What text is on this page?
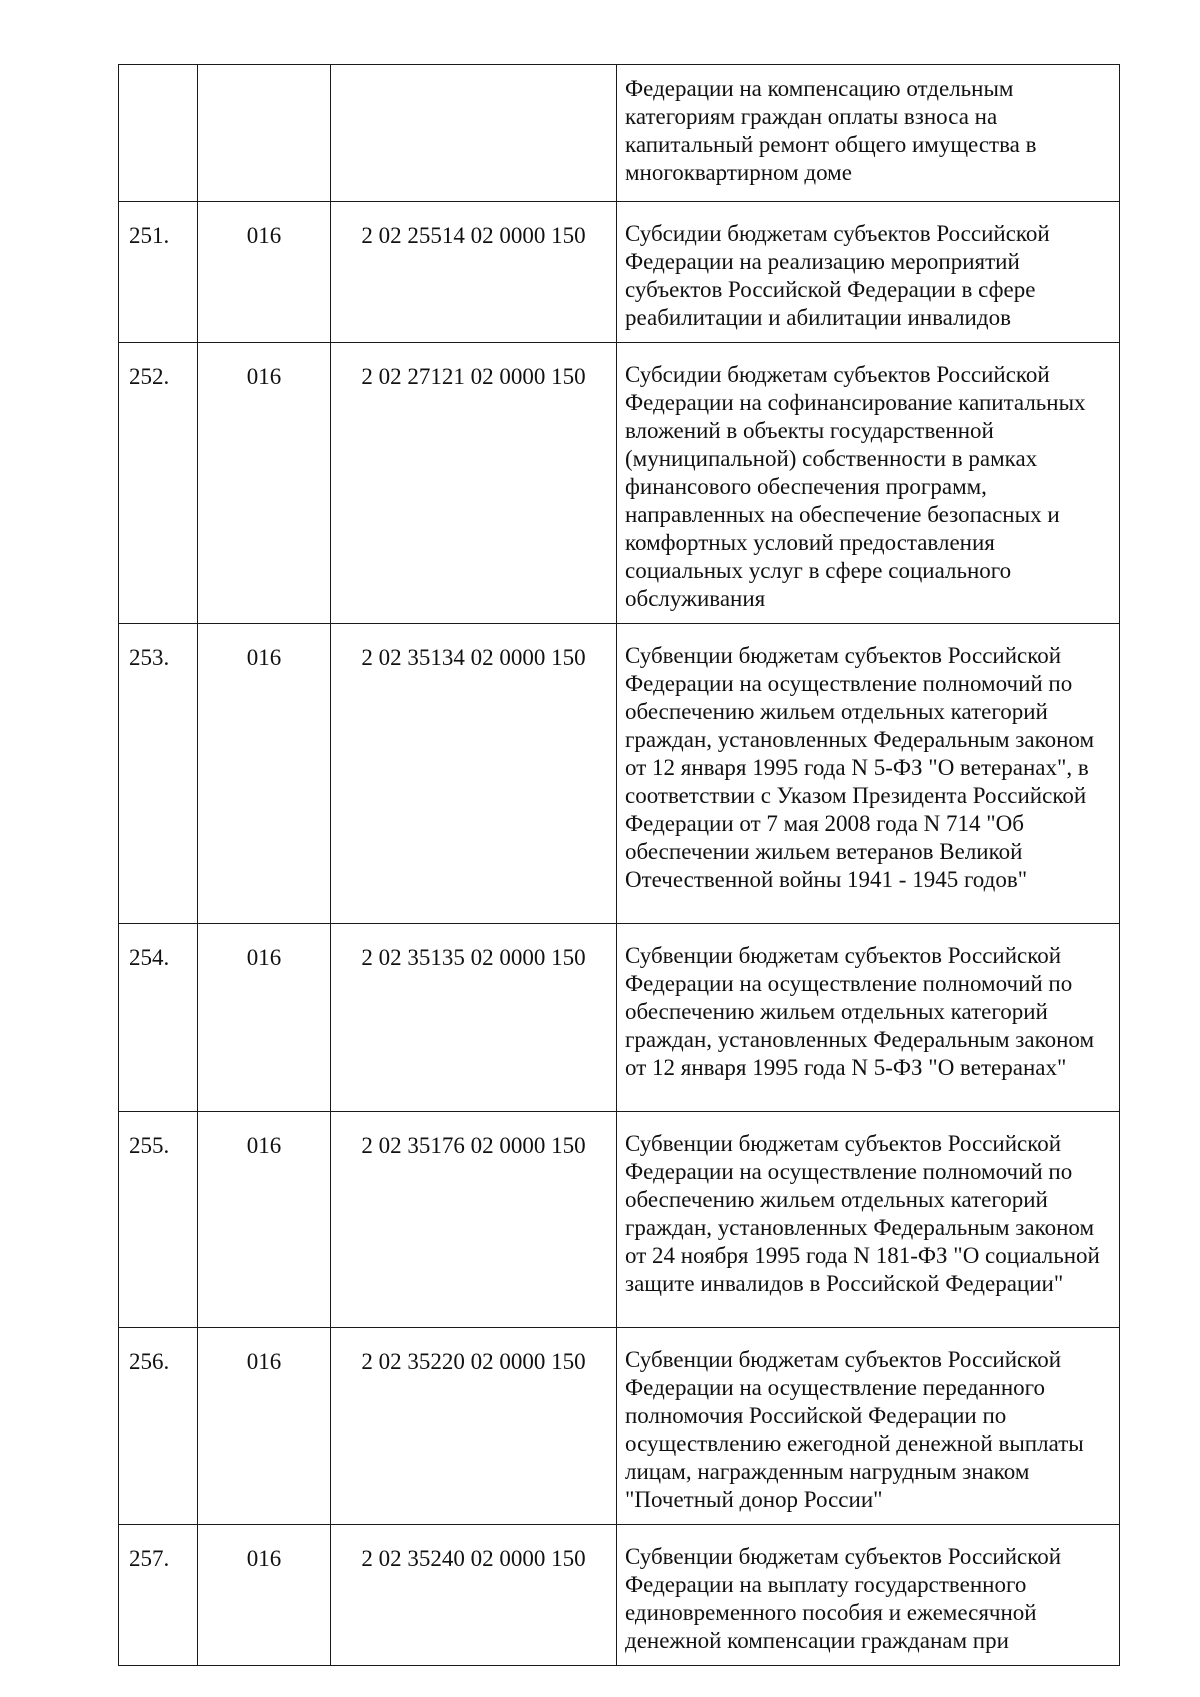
			Федерации на компенсацию отдельным категориям граждан оплаты взноса на капитальный ремонт общего имущества в многоквартирном доме

251.	016	2 02 25514 02 0000 150	Субсидии бюджетам субъектов Российской Федерации на реализацию мероприятий субъектов Российской Федерации в сфере реабилитации и абилитации инвалидов

252.	016	2 02 27121 02 0000 150	Субсидии бюджетам субъектов Российской Федерации на софинансирование капитальных вложений в объекты государственной (муниципальной) собственности в рамках финансового обеспечения программ, направленных на обеспечение безопасных и комфортных условий предоставления социальных услуг в сфере социального обслуживания

253.	016	2 02 35134 02 0000 150	Субвенции бюджетам субъектов Российской Федерации на осуществление полномочий по обеспечению жильем отдельных категорий граждан, установленных Федеральным законом от 12 января 1995 года N 5-ФЗ "О ветеранах", в соответствии с Указом Президента Российской Федерации от 7 мая 2008 года N 714 "Об обеспечении жильем ветеранов Великой Отечественной войны 1941 - 1945 годов"

254.	016	2 02 35135 02 0000 150	Субвенции бюджетам субъектов Российской Федерации на осуществление полномочий по обеспечению жильем отдельных категорий граждан, установленных Федеральным законом от 12 января 1995 года N 5-ФЗ "О ветеранах"

255.	016	2 02 35176 02 0000 150	Субвенции бюджетам субъектов Российской Федерации на осуществление полномочий по обеспечению жильем отдельных категорий граждан, установленных Федеральным законом от 24 ноября 1995 года N 181-ФЗ "О социальной защите инвалидов в Российской Федерации"

256.	016	2 02 35220 02 0000 150	Субвенции бюджетам субъектов Российской Федерации на осуществление переданного полномочия Российской Федерации по осуществлению ежегодной денежной выплаты лицам, награжденным нагрудным знаком "Почетный донор России"

257.	016	2 02 35240 02 0000 150	Субвенции бюджетам субъектов Российской Федерации на выплату государственного единовременного пособия и ежемесячной денежной компенсации гражданам при
